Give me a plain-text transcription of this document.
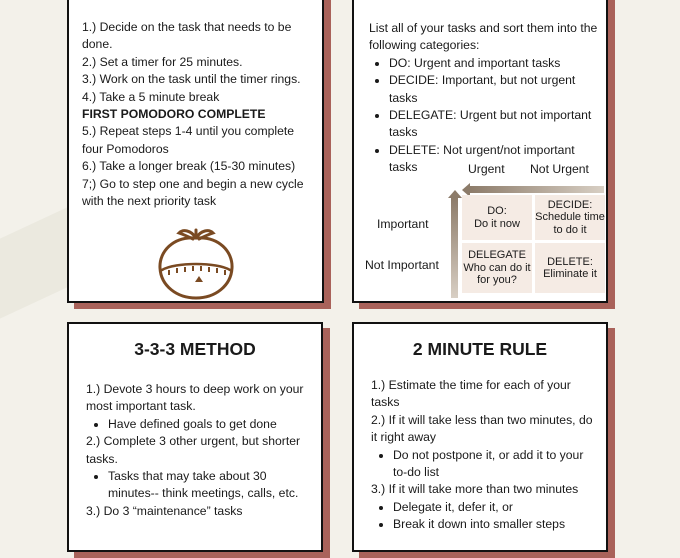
1.) Decide on the task that needs to be done.

2.) Set a timer for 25 minutes.

3.) Work on the task until the timer rings.

4.) Take a 5 minute break

FIRST POMODORO COMPLETE

5.) Repeat steps 1-4 until you complete four Pomodoros

6.) Take a longer break (15-30 minutes)

7;) Go to step one and begin a new cycle with the next priority task

List all of your tasks and sort them into the following categories:

• DO: Urgent and important tasks
• DECIDE: Important, but not urgent tasks
• DELEGATE: Urgent but not important tasks
• DELETE: Not urgent/not important tasks	Urgent Not Urgent
Important
Not Important
DO:
Do it now
DECIDE:
Schedule time to do it
DELEGATE
Who can do it for you?
DELETE:
Eliminate it
3-3-3 METHOD

1.) Devote 3 hours to deep work on your most important task.

• Have defined goals to get done

2.) Complete 3 other urgent, but shorter tasks.

• Tasks that may take about 30 minutes-- think meetings, calls, etc.

3.) Do 3 “maintenance” tasks

2 MINUTE RULE

1.) Estimate the time for each of your tasks

2.) If it will take less than two minutes, do it right away

• Do not postpone it, or add it to your to-do list

3.) If it will take more than two minutes

• Delegate it, defer it, or
• Break it down into smaller steps
